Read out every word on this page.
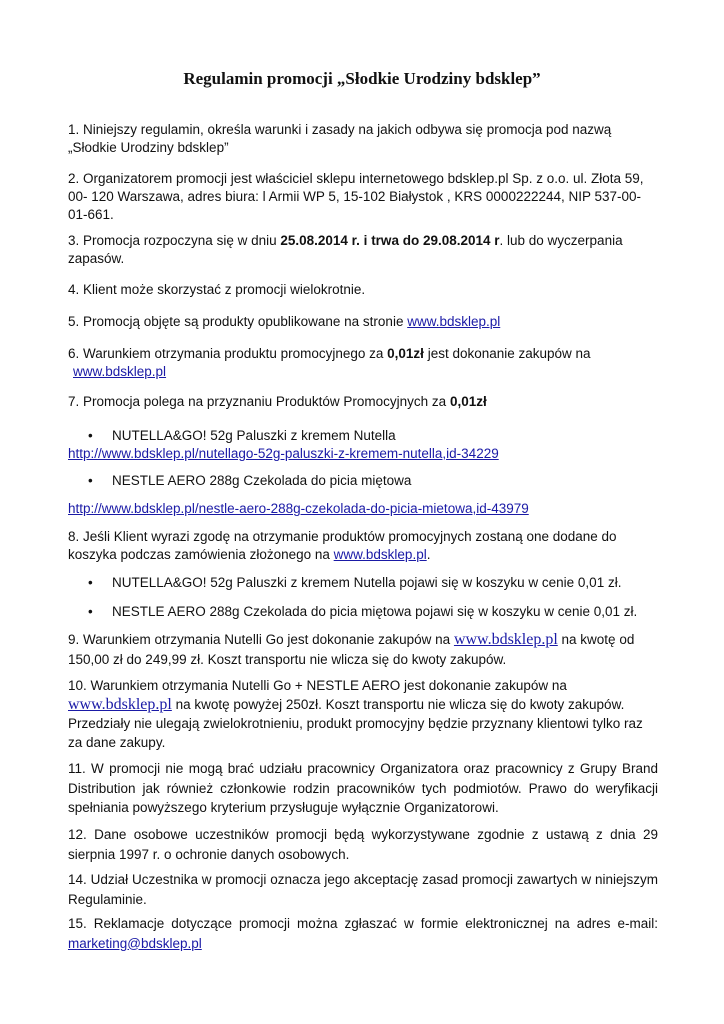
Regulamin promocji „Słodkie Urodziny bdsklep”

1. Niniejszy regulamin, określa warunki i zasady na jakich odbywa się promocja pod nazwą „Słodkie Urodziny bdsklep”

2. Organizatorem promocji jest właściciel sklepu internetowego bdsklep.pl Sp. z o.o. ul. Złota 59, 00- 120 Warszawa, adres biura: l Armii WP 5, 15-102 Białystok , KRS 0000222244, NIP 537-00-01-661.

3. Promocja rozpoczyna się w dniu 25.08.2014 r. i trwa do 29.08.2014 r. lub do wyczerpania zapasów.

4. Klient może skorzystać z promocji wielokrotnie.

5. Promocją objęte są produkty opublikowane na stronie www.bdsklep.pl

6. Warunkiem otrzymania produktu promocyjnego za 0,01zł jest dokonanie zakupów na
www.bdsklep.pl

7. Promocja polega na przyznaniu Produktów Promocyjnych za 0,01zł

• NUTELLA&GO! 52g Paluszki z kremem Nutella

http://www.bdsklep.pl/nutellago-52g-paluszki-z-kremem-nutella,id-34229

• NESTLE AERO 288g Czekolada do picia miętowa

http://www.bdsklep.pl/nestle-aero-288g-czekolada-do-picia-mietowa,id-43979

8. Jeśli Klient wyrazi zgodę na otrzymanie produktów promocyjnych zostaną one dodane do koszyka podczas zamówienia złożonego na www.bdsklep.pl.

• NUTELLA&GO! 52g Paluszki z kremem Nutella pojawi się w koszyku w cenie 0,01 zł.

• NESTLE AERO 288g Czekolada do picia miętowa pojawi się w koszyku w cenie 0,01 zł.

9. Warunkiem otrzymania Nutelli Go jest dokonanie zakupów na www.bdsklep.pl na kwotę od 150,00 zł do 249,99 zł. Koszt transportu nie wlicza się do kwoty zakupów.

10. Warunkiem otrzymania Nutelli Go + NESTLE AERO jest dokonanie zakupów na
www.bdsklep.pl na kwotę powyżej 250zł. Koszt transportu nie wlicza się do kwoty zakupów. Przedziały nie ulegają zwielokrotnieniu, produkt promocyjny będzie przyznany klientowi tylko raz za dane zakupy.

11. W promocji nie mogą brać udziału pracownicy Organizatora oraz pracownicy z Grupy Brand Distribution jak również członkowie rodzin pracowników tych podmiotów. Prawo do weryfikacji spełniania powyższego kryterium przysługuje wyłącznie Organizatorowi.

12. Dane osobowe uczestników promocji będą wykorzystywane zgodnie z ustawą z dnia 29 sierpnia 1997 r. o ochronie danych osobowych.

14. Udział Uczestnika w promocji oznacza jego akceptację zasad promocji zawartych w niniejszym Regulaminie.

15. Reklamacje dotyczące promocji można zgłaszać w formie elektronicznej na adres e-mail: marketing@bdsklep.pl
